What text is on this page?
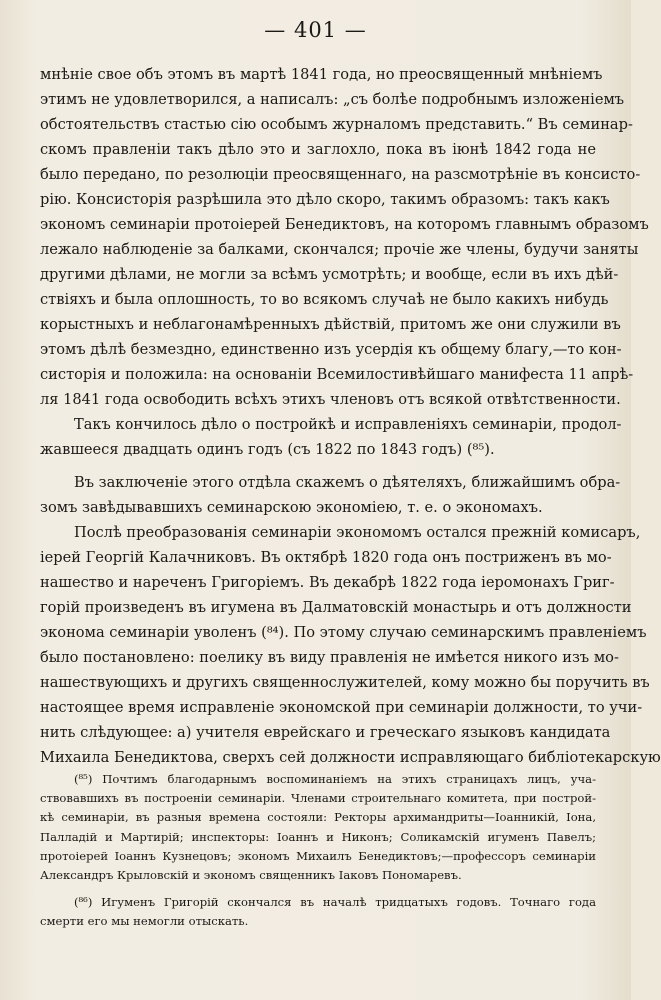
— 401 —
мнѣніе свое объ этомъ въ мартѣ 1841 года, но преосвященный мнѣніемъ
этимъ не удовлетворился, а написалъ: „съ болѣе подробнымъ изложеніемъ
обстоятельствъ стастью сію особымъ журналомъ представить.“ Въ семинар-
скомъ правленіи такъ дѣло это и заглохло, пока въ іюнѣ 1842 года не
было передано, по резолюціи преосвященнаго, на разсмотрѣніе въ консисто-
рію. Консисторія разрѣшила это дѣло скоро, такимъ образомъ: такъ какъ
экономъ семинаріи протоіерей Бенедиктовъ, на которомъ главнымъ образомъ
лежало наблюденіе за балками, скончался; прочіе же члены, будучи заняты
другими дѣлами, не могли за всѣмъ усмотрѣть; и вообще, если въ ихъ дѣй-
ствіяхъ и была оплошность, то во всякомъ случаѣ не было какихъ нибудь
корыстныхъ и неблагонамѣренныхъ дѣйствій, притомъ же они служили въ
этомъ дѣлѣ безмездно, единственно изъ усердія къ общему благу,—то кон-
систорія и положила: на основаніи Всемилостивѣйшаго манифеста 11 апрѣ-
ля 1841 года освободить всѣхъ этихъ членовъ отъ всякой отвѣтственности.
Такъ кончилось дѣло о постройкѣ и исправленіяхъ семинаріи, продол-
жавшееся двадцать одинъ годъ (съ 1822 по 1843 годъ) (⁸⁵).
Въ заключеніе этого отдѣла скажемъ о дѣятеляхъ, ближайшимъ обра-
зомъ завѣдывавшихъ семинарскою экономіею, т. е. о экономахъ.
Послѣ преобразованія семинаріи экономомъ остался прежній комисаръ,
іерей Георгій Калачниковъ. Въ октябрѣ 1820 года онъ постриженъ въ мо-
нашество и нареченъ Григоріемъ. Въ декабрѣ 1822 года іеромонахъ Григ-
горій произведенъ въ игумена въ Далматовскій монастырь и отъ должности
эконома семинаріи уволенъ (⁸⁴). По этому случаю семинарскимъ правленіемъ
было постановлено: поелику въ виду правленія не имѣется никого изъ мо-
нашествующихъ и другихъ священнослужителей, кому можно бы поручить въ
настоящее время исправленіе экономской при семинаріи должности, то учи-
нить слѣдующее: а) учителя еврейскаго и греческаго языковъ кандидата
Михаила Бенедиктова, сверхъ сей должности исправляющаго библіотекарскую
(⁸⁵) Почтимъ благодарнымъ воспоминаніемъ на этихъ страницахъ лицъ, уча-
ствовавшихъ въ построеніи семинаріи. Членами строительнаго комитета, при построй-
кѣ семинаріи, въ разныя времена состояли: Ректоры архимандриты—Іоанникій, Іона,
Палладій и Мартирій; инспекторы: Іоаннъ и Никонъ; Соликамскій игуменъ Павелъ;
протоіерей Іоаннъ Кузнецовъ; экономъ Михаилъ Бенедиктовъ;—профессоръ семинаріи
Александръ Крыловскій и экономъ священникъ Іаковъ Пономаревъ.
(⁸⁶) Игуменъ Григорій скончался въ началѣ тридцатыхъ годовъ. Точнаго года
смерти его мы немогли отыскать.
